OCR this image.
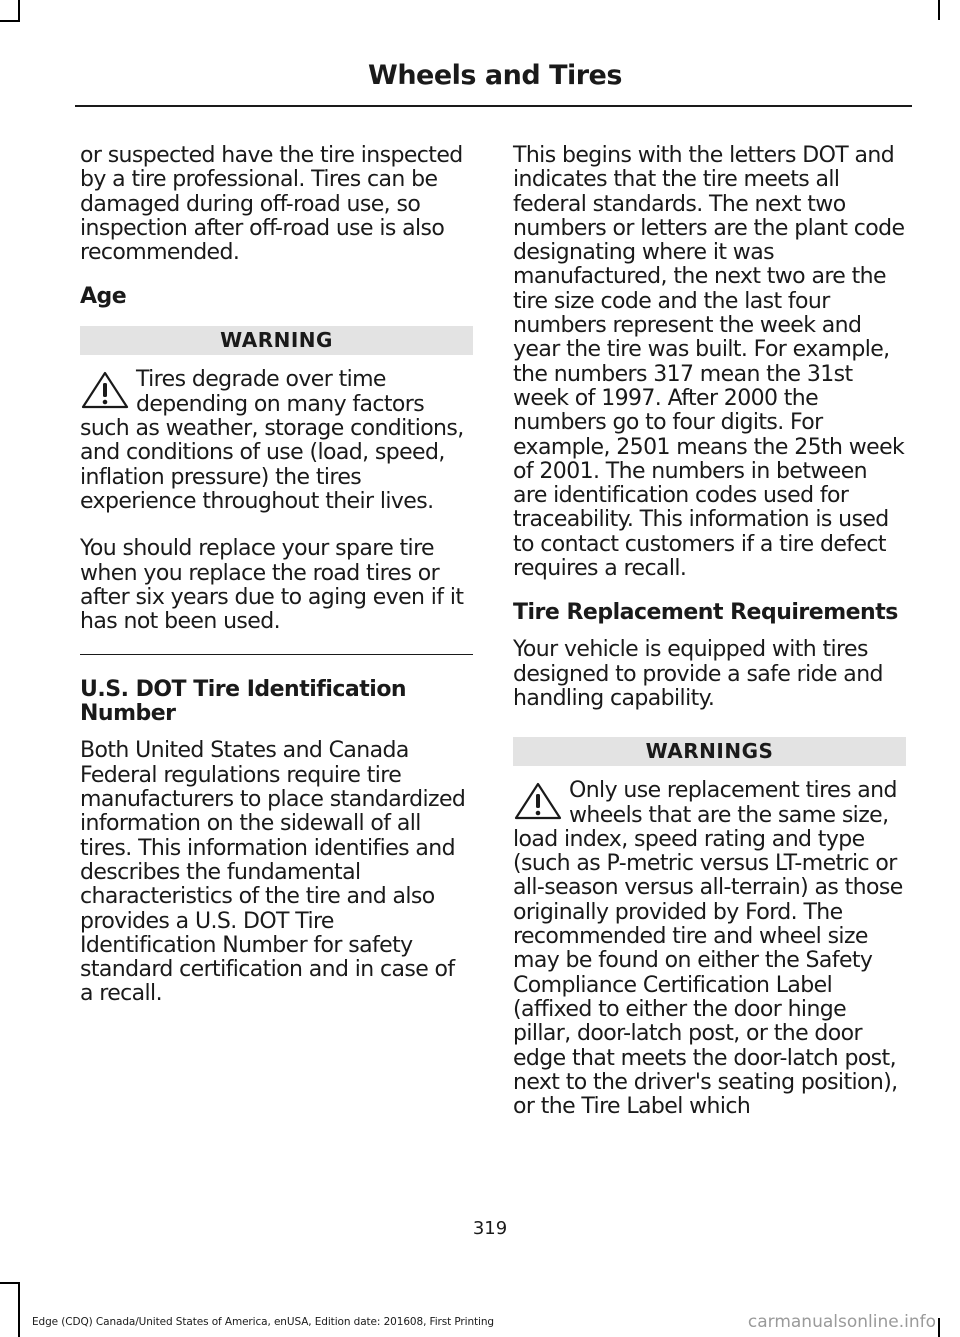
Wheels and Tires

or suspected have the tire inspected by a tire professional. Tires can be damaged during off-road use, so inspection after off-road use is also recommended.

Age
WARNING

Tires degrade over time depending on many factors such as weather, storage conditions, and conditions of use (load, speed, inflation pressure) the tires experience throughout their lives.

You should replace your spare tire when you replace the road tires or after six years due to aging even if it has not been used.

U.S. DOT Tire Identification Number

Both United States and Canada Federal regulations require tire manufacturers to place standardized information on the sidewall of all tires. This information identifies and describes the fundamental characteristics of the tire and also provides a U.S. DOT Tire Identification Number for safety standard certification and in case of a recall.

This begins with the letters DOT and indicates that the tire meets all federal standards. The next two numbers or letters are the plant code designating where it was manufactured, the next two are the tire size code and the last four numbers represent the week and year the tire was built. For example, the numbers 317 mean the 31st week of 1997. After 2000 the numbers go to four digits. For example, 2501 means the 25th week of 2001. The numbers in between are identification codes used for traceability. This information is used to contact customers if a tire defect requires a recall.

Tire Replacement Requirements

Your vehicle is equipped with tires designed to provide a safe ride and handling capability.

WARNINGS

Only use replacement tires and wheels that are the same size, load index, speed rating and type (such as P-metric versus LT-metric or all-season versus all-terrain) as those originally provided by Ford. The recommended tire and wheel size may be found on either the Safety Compliance Certification Label (affixed to either the door hinge pillar, door-latch post, or the door edge that meets the door-latch post, next to the driver's seating position), or the Tire Label which

319
Edge (CDQ) Canada/United States of America, enUSA, Edition date: 201608, First Printing	carmanualsonline.info
